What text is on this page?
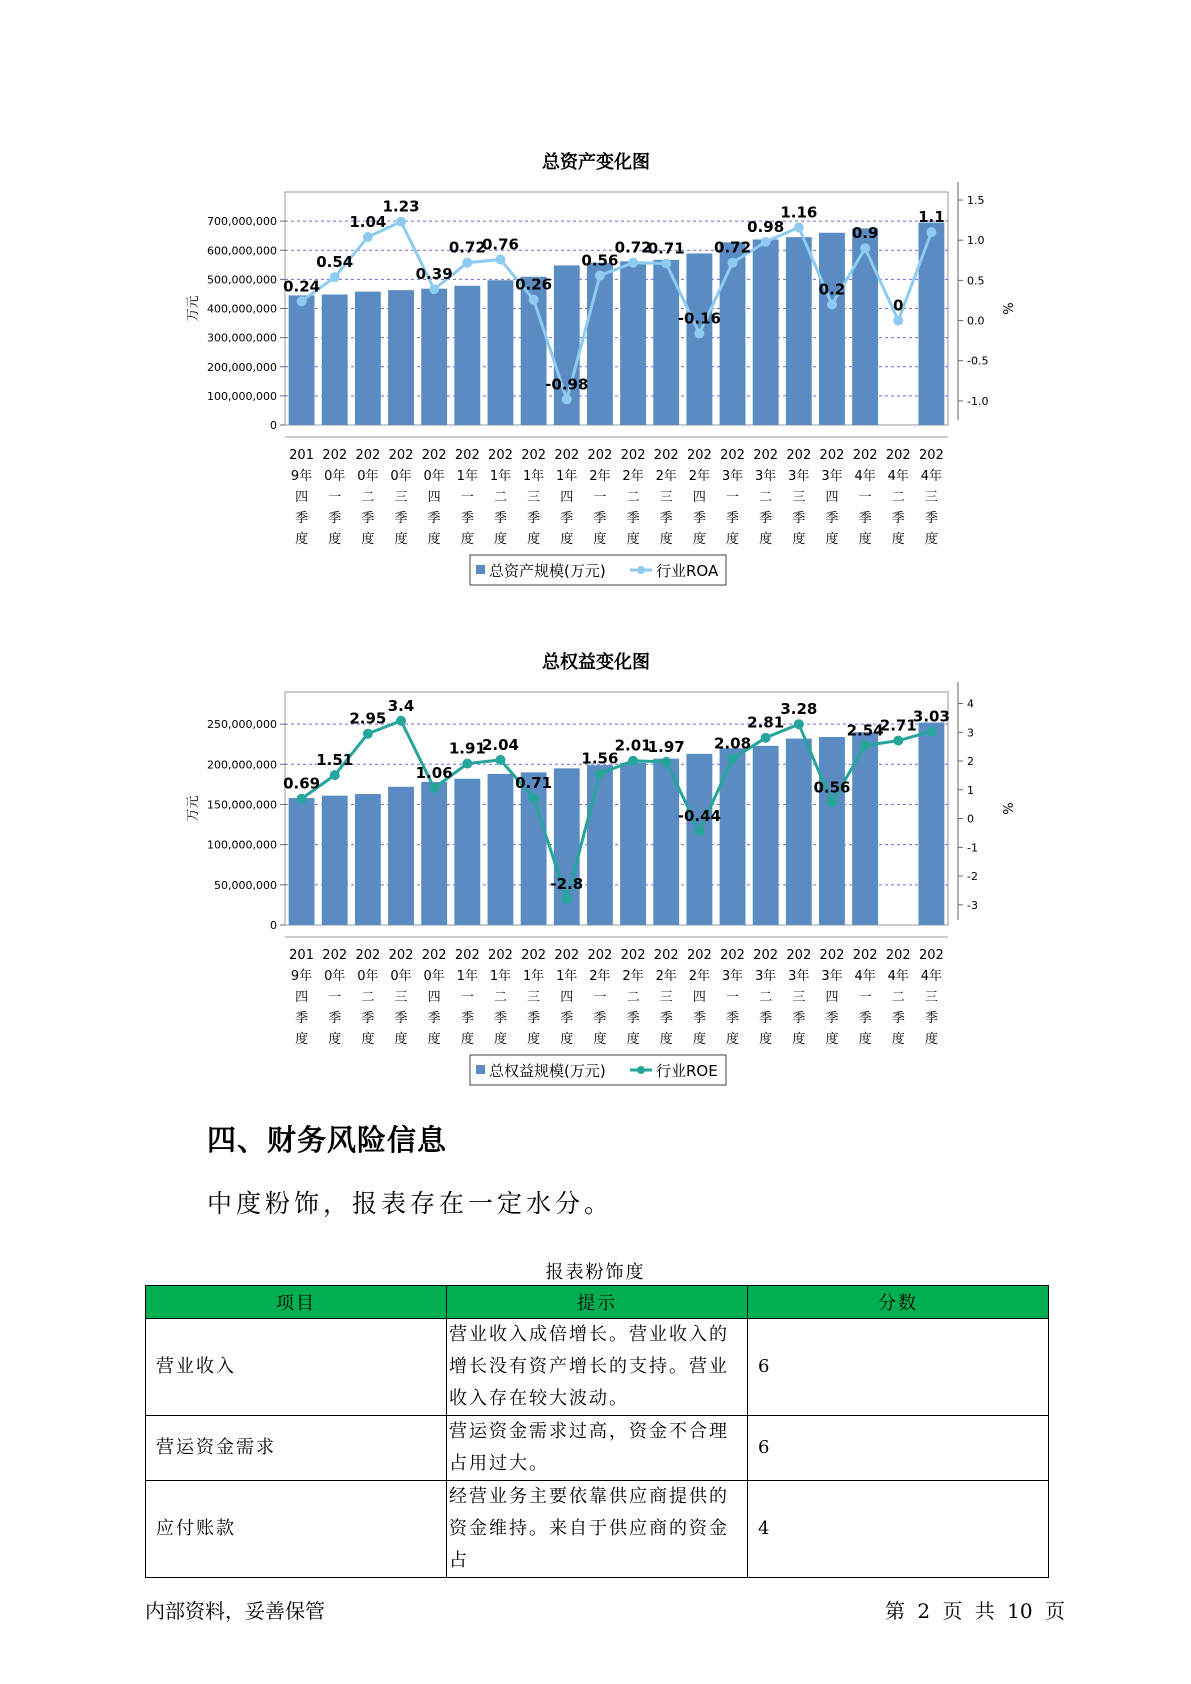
总资产变化图
0
100,000,000
200,000,000
300,000,000
400,000,000
500,000,000
600,000,000
700,000,000
万元
-1.0
-0.5
0.0
0.5
1.0
1.5
%
201
9年
四
季
度
202
0年
一
季
度
202
0年
二
季
度
202
0年
三
季
度
202
0年
四
季
度
202
1年
一
季
度
202
1年
二
季
度
202
1年
三
季
度
202
1年
四
季
度
202
2年
一
季
度
202
2年
二
季
度
202
2年
三
季
度
202
2年
四
季
度
202
3年
一
季
度
202
3年
二
季
度
202
3年
三
季
度
202
3年
四
季
度
202
4年
一
季
度
202
4年
二
季
度
202
4年
三
季
度
0.24
0.54
1.04
1.23
0.39
0.72
0.76
0.26
-0.98
0.56
0.72
0.71
-0.16
0.72
0.98
1.16
0.2
0.9
0
1.1
总资产规模(万元)	行业ROA
总权益变化图
0
50,000,000
100,000,000
150,000,000
200,000,000
250,000,000
万元
-3
-2
-1
0
1
2
3
4
%
201
9年
四
季
度
202
0年
一
季
度
202
0年
二
季
度
202
0年
三
季
度
202
0年
四
季
度
202
1年
一
季
度
202
1年
二
季
度
202
1年
三
季
度
202
1年
四
季
度
202
2年
一
季
度
202
2年
二
季
度
202
2年
三
季
度
202
2年
四
季
度
202
3年
一
季
度
202
3年
二
季
度
202
3年
三
季
度
202
3年
四
季
度
202
4年
一
季
度
202
4年
二
季
度
202
4年
三
季
度
0.69
1.51
2.95
3.4
1.06
1.91
2.04
0.71
-2.8
1.56
2.01
1.97
-0.44
2.08
2.81
3.28
0.56
2.54
2.71
3.03
总权益规模(万元)	行业ROE
四、财务风险信息
中度粉饰，报表存在一定水分。
报表粉饰度
项目	提示	分数
营业收入	营业收入成倍增长。营业收入的增长没有资产增长的支持。营业收入存在较大波动。	6
营运资金需求	营运资金需求过高，资金不合理占用过大。	6
应付账款	经营业务主要依靠供应商提供的资金维持。来自于供应商的资金占	4
内部资料，妥善保管	第 2 页 共 10 页
